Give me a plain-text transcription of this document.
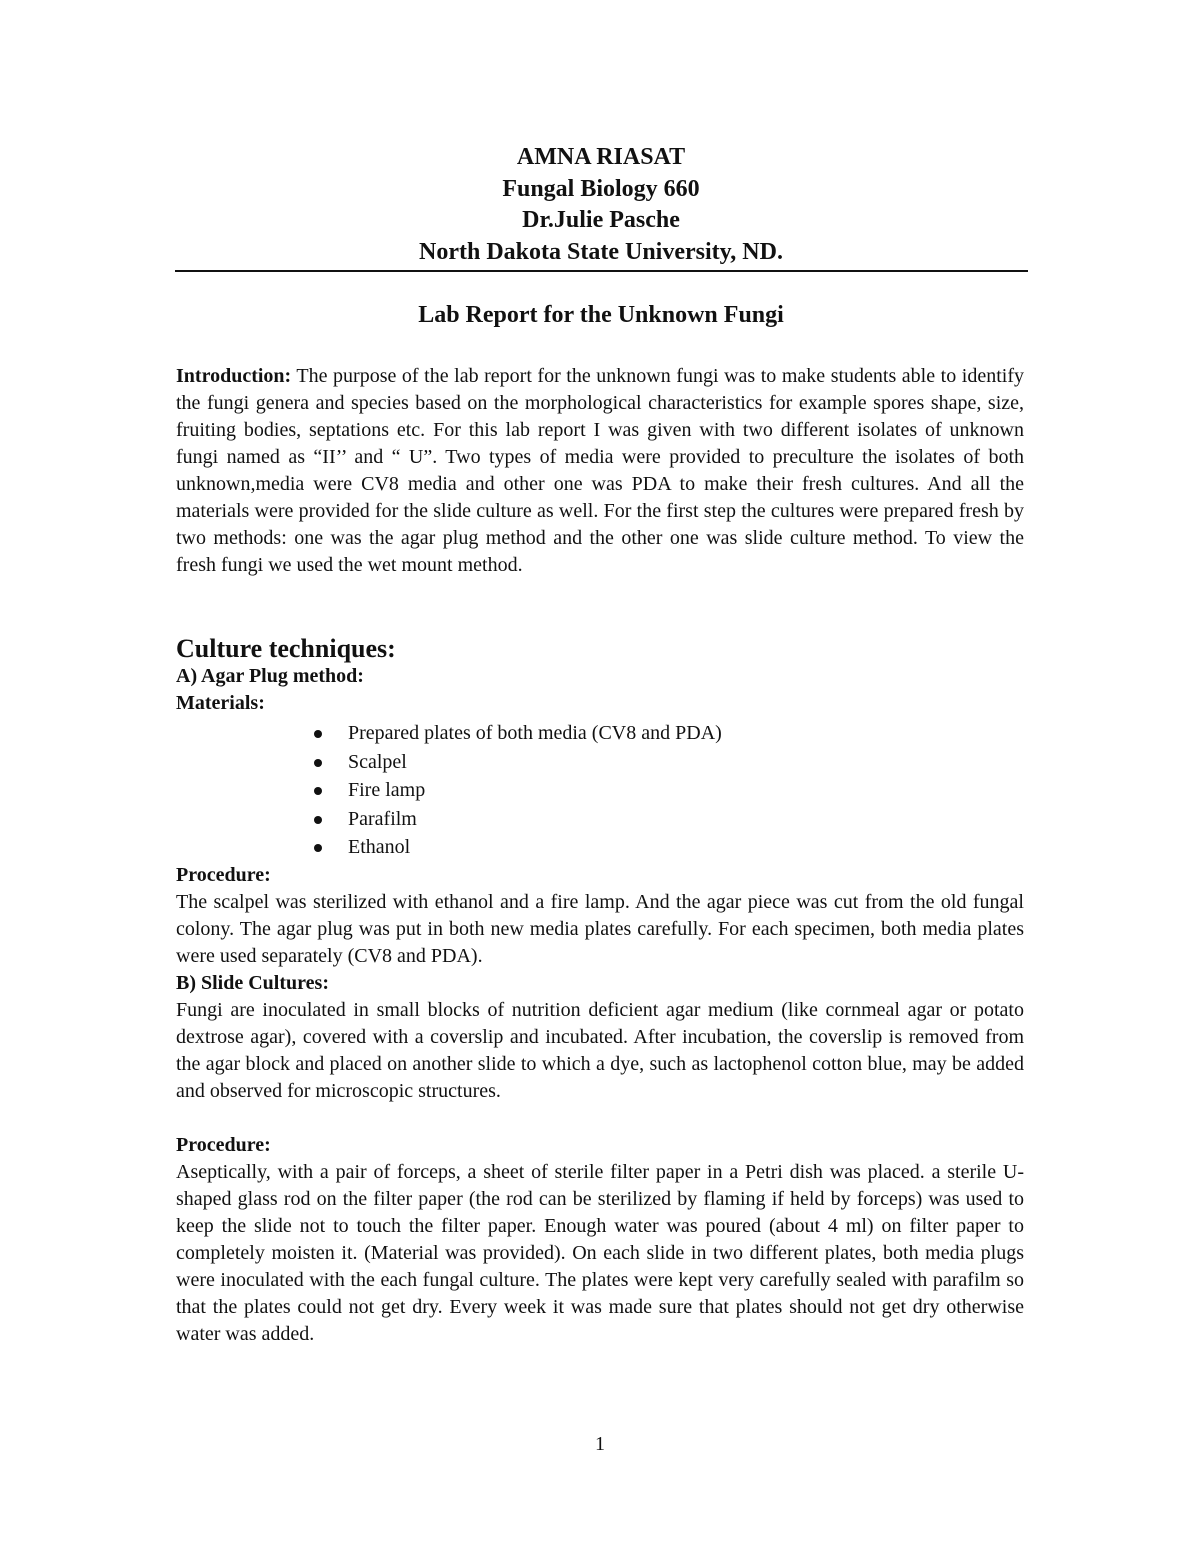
AMNA RIASAT

Fungal Biology 660

Dr.Julie Pasche

North Dakota State University, ND.

Lab Report for the Unknown Fungi

Introduction: The purpose of the lab report for the unknown fungi was to make students able to identify the fungi genera and species based on the morphological characteristics for example spores shape, size, fruiting bodies, septations etc. For this lab report I was given with two different isolates of unknown fungi named as “II’’ and “ U”. Two types of media were provided to preculture the isolates of both unknown,media were CV8 media and other one was PDA to make their fresh cultures. And all the materials were provided for the slide culture as well. For the first step the cultures were prepared fresh by two methods: one was the agar plug method and the other one was slide culture method. To view the fresh fungi we used the wet mount method.

Culture techniques:

A) Agar Plug method:

Materials:

Prepared plates of both media (CV8 and PDA)
Scalpel
Fire lamp
Parafilm
Ethanol

Procedure:

The scalpel was sterilized with ethanol and a fire lamp. And the agar piece was cut from the old fungal colony. The agar plug was put in both new media plates carefully. For each specimen, both media plates were used separately (CV8 and PDA).

B) Slide Cultures:

Fungi are inoculated in small blocks of nutrition deficient agar medium (like cornmeal agar or potato dextrose agar), covered with a coverslip and incubated. After incubation, the coverslip is removed from the agar block and placed on another slide to which a dye, such as lactophenol cotton blue, may be added and observed for microscopic structures.

Procedure:

Aseptically, with a pair of forceps, a sheet of sterile filter paper in a Petri dish was placed. a sterile U-shaped glass rod on the filter paper (the rod can be sterilized by flaming if held by forceps) was used to keep the slide not to touch the filter paper. Enough water was poured (about 4 ml) on filter paper to completely moisten it. (Material was provided). On each slide in two different plates, both media plugs were inoculated with the each fungal culture. The plates were kept very carefully sealed with parafilm so that the plates could not get dry. Every week it was made sure that plates should not get dry otherwise water was added.

1
